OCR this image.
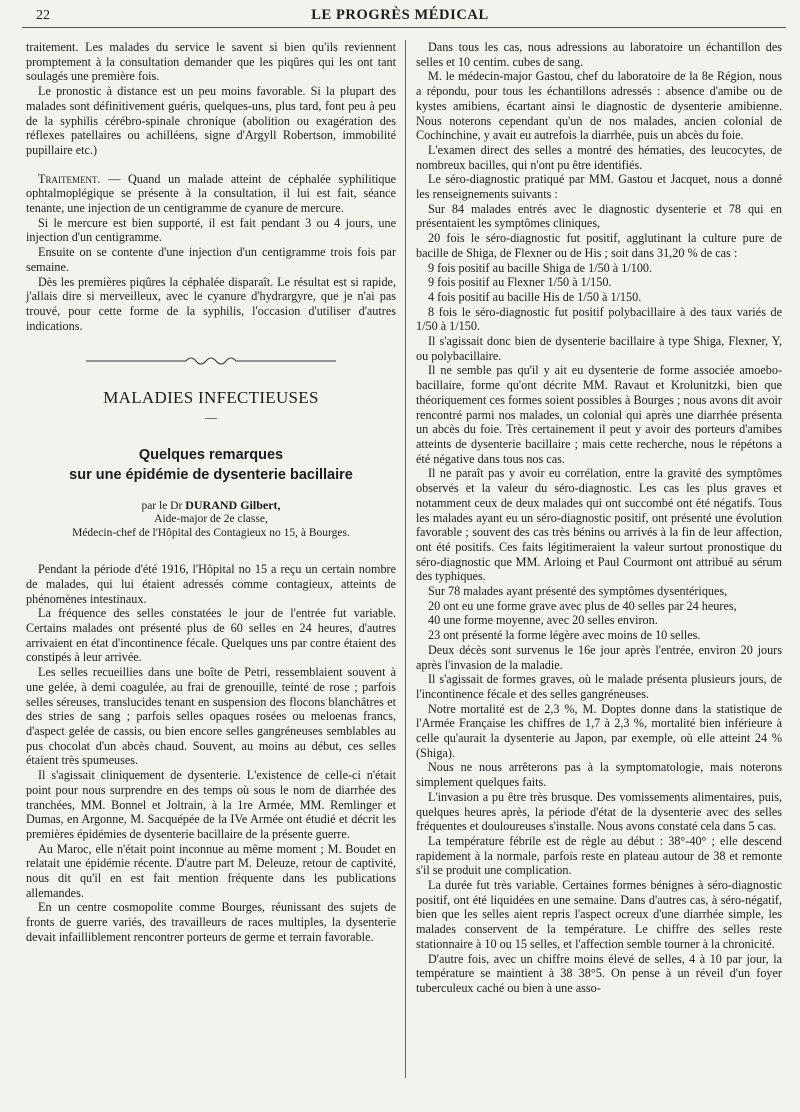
22	LE PROGRÈS MÉDICAL

traitement. Les malades du service le savent si bien qu'ils reviennent promptement à la consultation demander que les piqûres qui les ont tant soulagés une première fois.

Le pronostic à distance est un peu moins favorable. Si la plupart des malades sont définitivement guéris, quelques-uns, plus tard, font peu à peu de la syphilis cérébro-spinale chronique (abolition ou exagération des réflexes patellaires ou achilléens, signe d'Argyll Robertson, immobilité pupillaire etc.)

Traitement. — Quand un malade atteint de céphalée syphilitique ophtalmoplégique se présente à la consultation, il lui est fait, séance tenante, une injection de un centigramme de cyanure de mercure.

Si le mercure est bien supporté, il est fait pendant 3 ou 4 jours, une injection d'un centigramme.

Ensuite on se contente d'une injection d'un centigramme trois fois par semaine.

Dès les premières piqûres la céphalée disparaît. Le résultat est si rapide, j'allais dire si merveilleux, avec le cyanure d'hydrargyre, que je n'ai pas trouvé, pour cette forme de la syphilis, l'occasion d'utiliser d'autres indications.

MALADIES INFECTIEUSES
—
Quelques remarques
sur une épidémie de dysenterie bacillaire
par le Dr DURAND Gilbert,
Aide-major de 2e classe,
Médecin-chef de l'Hôpital des Contagieux no 15, à Bourges.

Pendant la période d'été 1916, l'Hôpital no 15 a reçu un certain nombre de malades, qui lui étaient adressés comme contagieux, atteints de phénomènes intestinaux.

La fréquence des selles constatées le jour de l'entrée fut variable. Certains malades ont présenté plus de 60 selles en 24 heures, d'autres arrivaient en état d'incontinence fécale. Quelques uns par contre étaient des constipés à leur arrivée.

Les selles recueillies dans une boîte de Petri, ressemblaient souvent à une gelée, à demi coagulée, au frai de grenouille, teinté de rose ; parfois selles séreuses, translucides tenant en suspension des flocons blanchâtres et des stries de sang ; parfois selles opaques rosées ou meloenas francs, d'aspect gelée de cassis, ou bien encore selles gangréneuses semblables au pus chocolat d'un abcès chaud. Souvent, au moins au début, ces selles étaient très spumeuses.

Il s'agissait cliniquement de dysenterie. L'existence de celle-ci n'était point pour nous surprendre en des temps où sous le nom de diarrhée des tranchées, MM. Bonnel et Joltrain, à la 1re Armée, MM. Remlinger et Dumas, en Argonne, M. Sacquépée de la IVe Armée ont étudié et décrit les premières épidémies de dysenterie bacillaire de la présente guerre.

Au Maroc, elle n'était point inconnue au même moment ; M. Boudet en relatait une épidémie récente. D'autre part M. Deleuze, retour de captivité, nous dit qu'il en est fait mention fréquente dans les publications allemandes.

En un centre cosmopolite comme Bourges, réunissant des sujets de fronts de guerre variés, des travailleurs de races multiples, la dysenterie devait infailliblement rencontrer porteurs de germe et terrain favorable.

Dans tous les cas, nous adressions au laboratoire un échantillon des selles et 10 centim. cubes de sang.

M. le médecin-major Gastou, chef du laboratoire de la 8e Région, nous a répondu, pour tous les échantillons adressés : absence d'amibe ou de kystes amibiens, écartant ainsi le diagnostic de dysenterie amibienne. Nous noterons cependant qu'un de nos malades, ancien colonial de Cochinchine, y avait eu autrefois la diarrhée, puis un abcès du foie.

L'examen direct des selles a montré des hématies, des leucocytes, de nombreux bacilles, qui n'ont pu être identifiés.

Le séro-diagnostic pratiqué par MM. Gastou et Jacquet, nous a donné les renseignements suivants :

Sur 84 malades entrés avec le diagnostic dysenterie et 78 qui en présentaient les symptômes cliniques,

20 fois le séro-diagnostic fut positif, agglutinant la culture pure de bacille de Shiga, de Flexner ou de His ; soit dans 31,20 % de cas :

9 fois positif au bacille Shiga de 1/50 à 1/100.

9 fois positif au Flexner 1/50 à 1/150.

4 fois positif au bacille His de 1/50 à 1/150.

8 fois le séro-diagnostic fut positif polybacillaire à des taux variés de 1/50 à 1/150.

Il s'agissait donc bien de dysenterie bacillaire à type Shiga, Flexner, Y, ou polybacillaire.

Il ne semble pas qu'il y ait eu dysenterie de forme associée amoebo-bacillaire, forme qu'ont décrite MM. Ravaut et Krolunitzki, bien que théoriquement ces formes soient possibles à Bourges ; nous avons dit avoir rencontré parmi nos malades, un colonial qui après une diarrhée présenta un abcès du foie. Très certainement il peut y avoir des porteurs d'amibes atteints de dysenterie bacillaire ; mais cette recherche, nous le répétons a été négative dans tous nos cas.

Il ne paraît pas y avoir eu corrélation, entre la gravité des symptômes observés et la valeur du séro-diagnostic. Les cas les plus graves et notamment ceux de deux malades qui ont succombé ont été négatifs. Tous les malades ayant eu un séro-diagnostic positif, ont présenté une évolution favorable ; souvent des cas très bénins ou arrivés à la fin de leur affection, ont été positifs. Ces faits légitimeraient la valeur surtout pronostique du séro-diagnostic que MM. Arloing et Paul Courmont ont attribué au sérum des typhiques.

Sur 78 malades ayant présenté des symptômes dysentériques,

20 ont eu une forme grave avec plus de 40 selles par 24 heures,

40 une forme moyenne, avec 20 selles environ.

23 ont présenté la forme légère avec moins de 10 selles.

Deux décès sont survenus le 16e jour après l'entrée, environ 20 jours après l'invasion de la maladie.

Il s'agissait de formes graves, où le malade présenta plusieurs jours, de l'incontinence fécale et des selles gangréneuses.

Notre mortalité est de 2,3 %, M. Doptes donne dans la statistique de l'Armée Française les chiffres de 1,7 à 2,3 %, mortalité bien inférieure à celle qu'aurait la dysenterie au Japon, par exemple, où elle atteint 24 % (Shiga).

Nous ne nous arrêterons pas à la symptomatologie, mais noterons simplement quelques faits.

L'invasion a pu être très brusque. Des vomissements alimentaires, puis, quelques heures après, la période d'état de la dysenterie avec des selles fréquentes et douloureuses s'installe. Nous avons constaté cela dans 5 cas.

La température fébrile est de règle au début : 38°-40° ; elle descend rapidement à la normale, parfois reste en plateau autour de 38 et remonte s'il se produit une complication.

La durée fut très variable. Certaines formes bénignes à séro-diagnostic positif, ont été liquidées en une semaine. Dans d'autres cas, à séro-négatif, bien que les selles aient repris l'aspect ocreux d'une diarrhée simple, les malades conservent de la température. Le chiffre des selles reste stationnaire à 10 ou 15 selles, et l'affection semble tourner à la chronicité.

D'autre fois, avec un chiffre moins élevé de selles, 4 à 10 par jour, la température se maintient à 38 38°5. On pense à un réveil d'un foyer tuberculeux caché ou bien à une asso-
